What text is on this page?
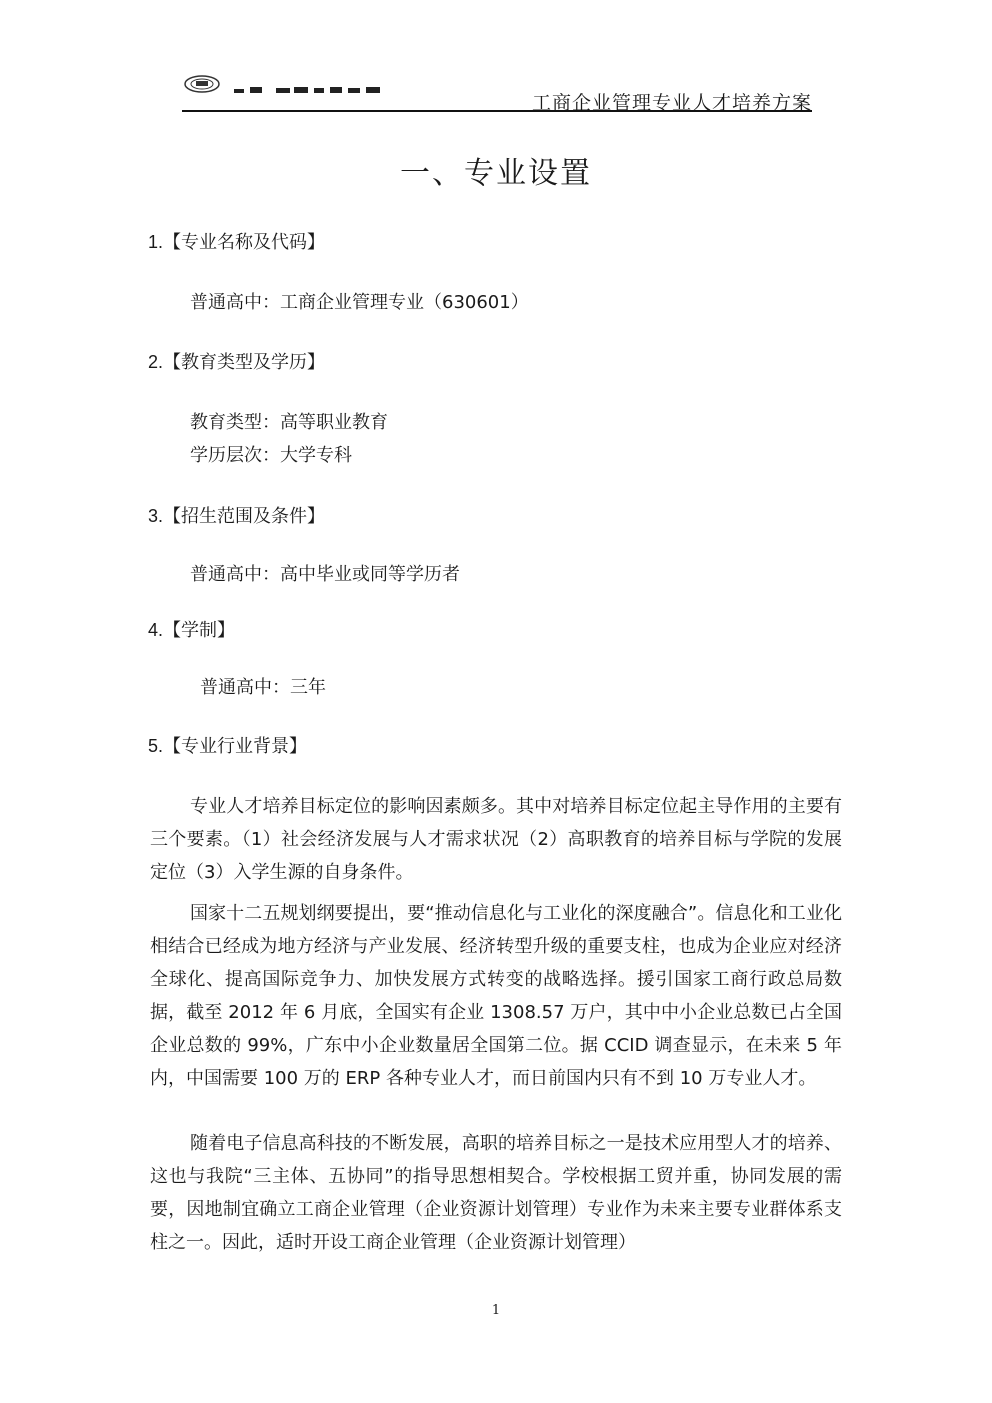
工商企业管理专业人才培养方案
一、专业设置
1.【专业名称及代码】
普通高中：工商企业管理专业（630601）
2.【教育类型及学历】
教育类型：高等职业教育
学历层次：大学专科
3.【招生范围及条件】
普通高中：高中毕业或同等学历者
4.【学制】
普通高中：三年
5.【专业行业背景】

专业人才培养目标定位的影响因素颇多。其中对培养目标定位起主导作用的主要有三个要素。（1）社会经济发展与人才需求状况（2）高职教育的培养目标与学院的发展定位（3）入学生源的自身条件。

国家十二五规划纲要提出，要“推动信息化与工业化的深度融合”。信息化和工业化相结合已经成为地方经济与产业发展、经济转型升级的重要支柱，也成为企业应对经济全球化、提高国际竞争力、加快发展方式转变的战略选择。援引国家工商行政总局数据，截至 2012 年 6 月底，全国实有企业 1308.57 万户，其中中小企业总数已占全国企业总数的 99%，广东中小企业数量居全国第二位。据 CCID 调查显示，在未来 5 年内，中国需要 100 万的 ERP 各种专业人才，而日前国内只有不到 10 万专业人才。

随着电子信息高科技的不断发展，高职的培养目标之一是技术应用型人才的培养、这也与我院“三主体、五协同”的指导思想相契合。学校根据工贸并重，协同发展的需要，因地制宜确立工商企业管理（企业资源计划管理）专业作为未来主要专业群体系支柱之一。因此，适时开设工商企业管理（企业资源计划管理）

1
